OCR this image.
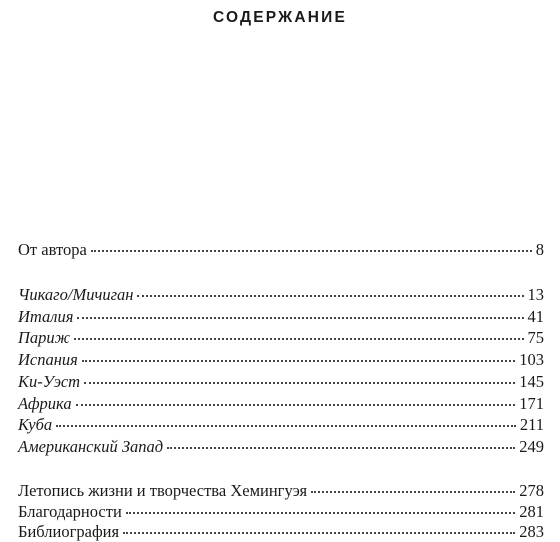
СОДЕРЖАНИЕ
От автора	8
Чикаго/Мичиган	13
Италия	41
Париж	75
Испания	103
Ки-Уэст	145
Африка	171
Куба	211
Американский Запад	249
Летопись жизни и творчества Хемингуэя	278
Благодарности	281
Библиография	283
